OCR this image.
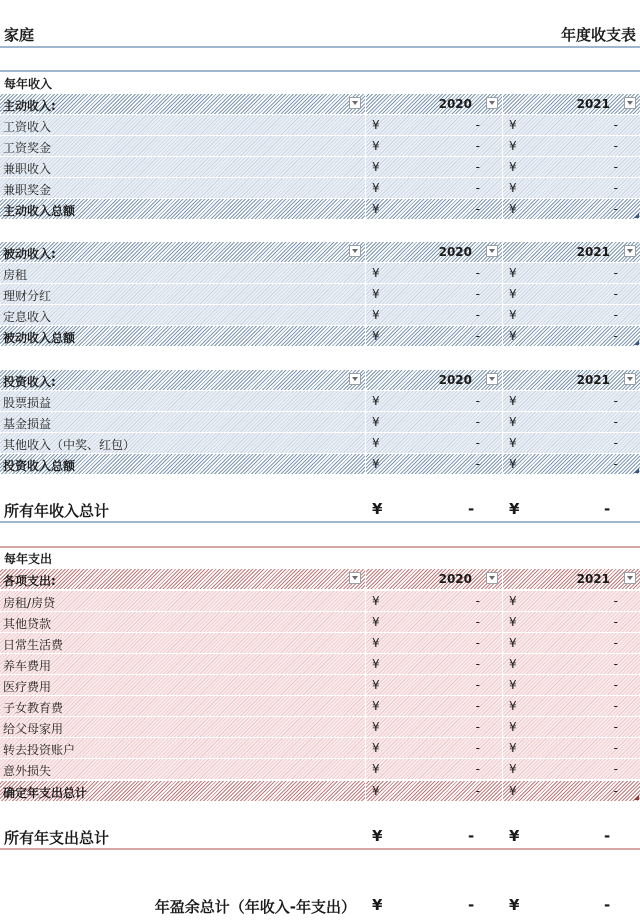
家庭	年度收支表
每年收入
主动收入:	2020	2021
工资收入	¥	- ¥	-
工资奖金	¥	- ¥	-
兼职收入	¥	- ¥	-
兼职奖金	¥	- ¥	-
主动收入总额	¥	- ¥	-
被动收入:	2020	2021
房租	¥	- ¥	-
理财分红	¥	- ¥	-
定息收入	¥	- ¥	-
被动收入总额	¥	- ¥	-
投资收入:	2020	2021
股票损益	¥	- ¥	-
基金损益	¥	- ¥	-
其他收入（中奖、红包）	¥	- ¥	-
投资收入总额	¥	- ¥	-
所有年收入总计	¥	- ¥	-
每年支出
各项支出:	2020	2021
房租/房贷	¥	- ¥	-
其他贷款	¥	- ¥	-
日常生活费	¥	- ¥	-
养车费用	¥	- ¥	-
医疗费用	¥	- ¥	-
子女教育费	¥	- ¥	-
给父母家用	¥	- ¥	-
转去投资账户	¥	- ¥	-
意外损失	¥	- ¥	-
确定年支出总计	¥	- ¥	-
所有年支出总计	¥	- ¥	-
年盈余总计（年收入-年支出） ¥	- ¥	-
